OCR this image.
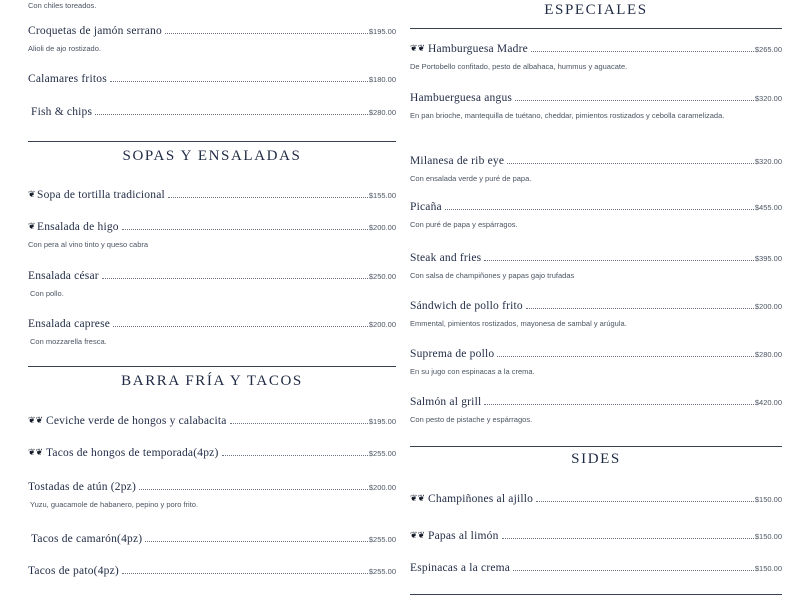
Con chiles toreados.
Croquetas de jamón serrano	$195.00
Alioli de ajo rostizado.
Calamares fritos	$180.00
Fish & chips	$280.00
SOPAS Y ENSALADAS
❦ Sopa de tortilla tradicional	$155.00
❦ Ensalada de higo	$200.00
Con pera al vino tinto y queso cabra
Ensalada césar	$250.00
Con pollo.
Ensalada caprese	$200.00
Con mozzarella fresca.
BARRA FRÍA Y TACOS
❦❦ Ceviche verde de hongos y calabacita	$195.00
❦❦ Tacos de hongos de temporada(4pz)	$255.00
Tostadas de atún (2pz)	$200.00
Yuzu, guacamole de habanero, pepino y poro frito.
Tacos de camarón(4pz)	$255.00
Tacos de pato(4pz)	$255.00
ESPECIALES
❦❦ Hamburguesa Madre	$265.00
De Portobello confitado, pesto de albahaca, hummus y aguacate.
Hambuerguesa angus	$320.00
En pan brioche, mantequilla de tuétano, cheddar, pimientos rostizados y cebolla caramelizada.
Milanesa de rib eye	$320.00
Con ensalada verde y puré de papa.
Picaña	$455.00
Con puré de papa y espárragos.
Steak and fries	$395.00
Con salsa de champiñones y papas gajo trufadas
Sándwich de pollo frito	$200.00
Emmental, pimientos rostizados, mayonesa de sambal y arúgula.
Suprema de pollo	$280.00
En su jugo con espinacas a la crema.
Salmón al grill	$420.00
Con pesto de pistache y espárragos.
SIDES
❦❦ Champiñones al ajillo	$150.00
❦❦ Papas al limón	$150.00
Espinacas a la crema	$150.00
